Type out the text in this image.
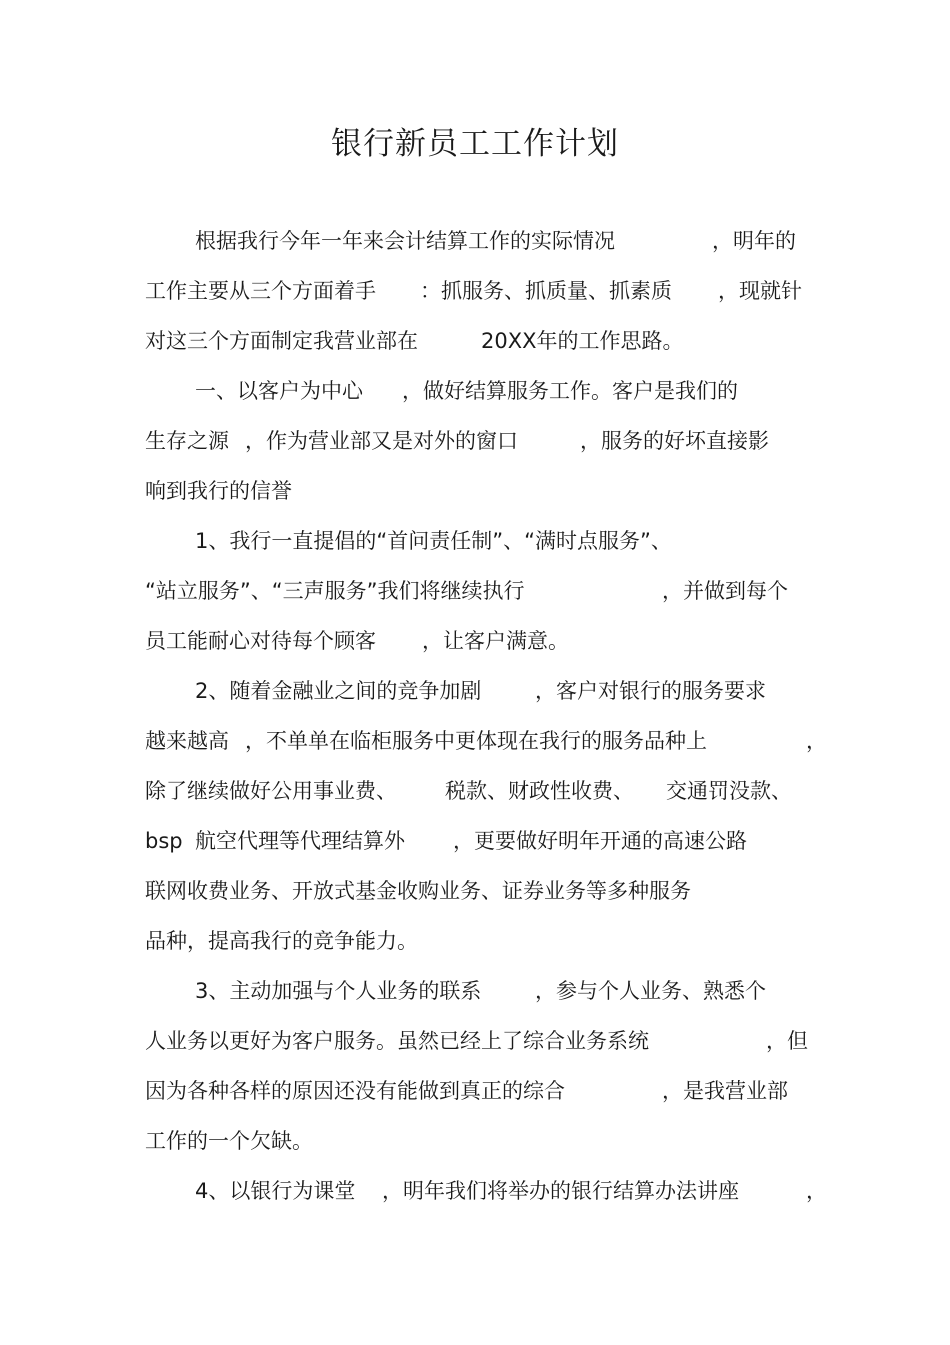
银行新员工工作计划
根据我行今年一年来会计结算工作的实际情况	，明年的
工作主要从三个方面着手 ：抓服务、抓质量、抓素质 ，现就针
对这三个方面制定我营业部在	20XX年的工作思路。
一、以客户为中心 ，做好结算服务工作。客户是我们的
生存之源 ，作为营业部又是对外的窗口	，服务的好坏直接影
响到我行的信誉
1、我行一直提倡的“首问责任制”、“满时点服务”、
“站立服务”、“三声服务”我们将继续执行	，并做到每个
员工能耐心对待每个顾客 ，让客户满意。
2、随着金融业之间的竞争加剧	，客户对银行的服务要求
越来越高 ，不单单在临柜服务中更体现在我行的服务品种上	，
除了继续做好公用事业费、 税款、财政性收费、 交通罚没款、
bsp 航空代理等代理结算外 ，更要做好明年开通的高速公路
联网收费业务、开放式基金收购业务、证券业务等多种服务
品种，提高我行的竞争能力。
3、主动加强与个人业务的联系	，参与个人业务、熟悉个
人业务以更好为客户服务。虽然已经上了综合业务系统	，但
因为各种各样的原因还没有能做到真正的综合	，是我营业部
工作的一个欠缺。
4、以银行为课堂 ，明年我们将举办的银行结算办法讲座	，
